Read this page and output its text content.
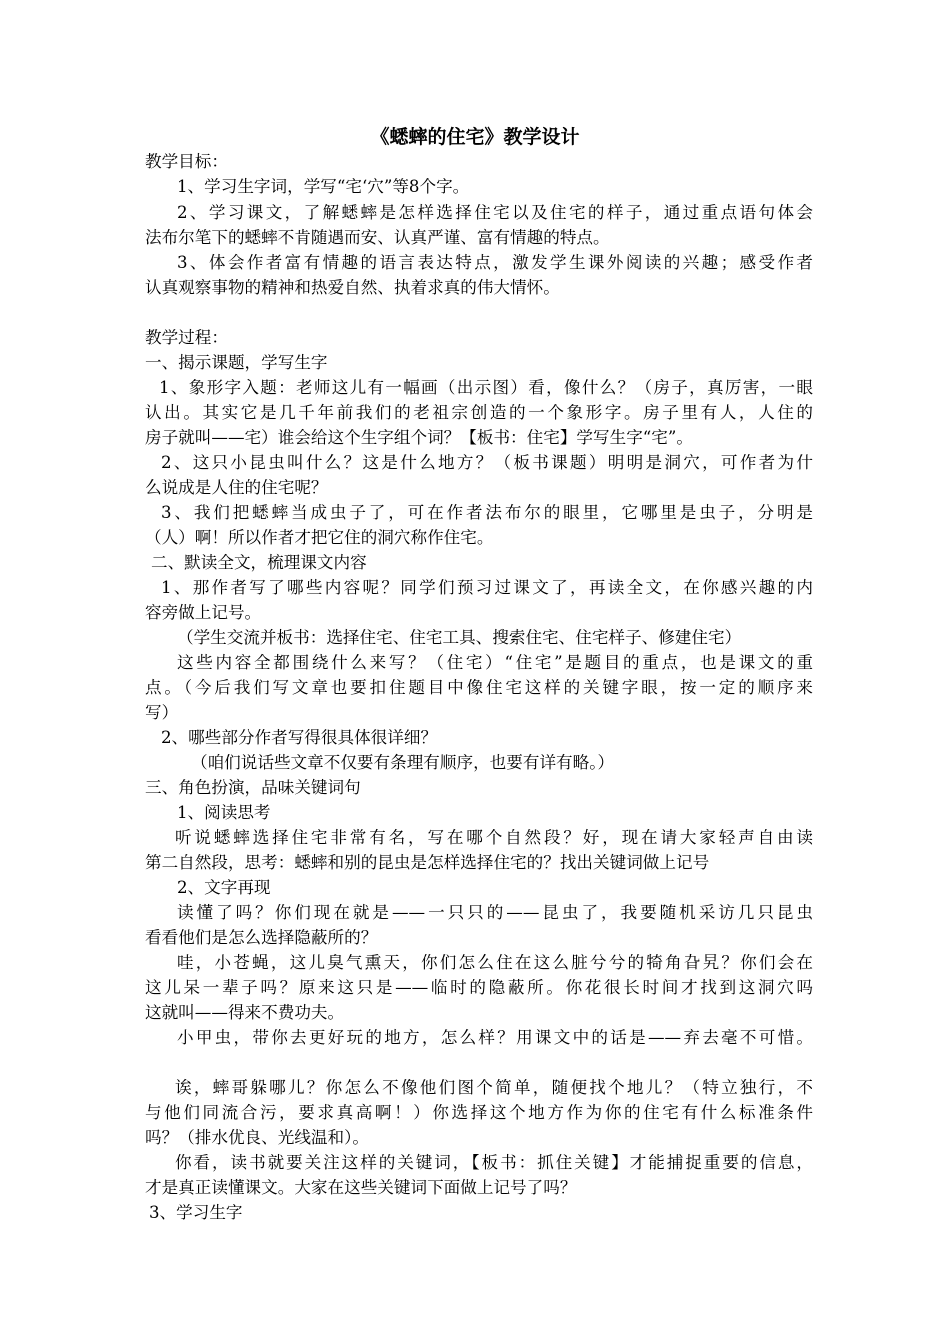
《蟋蟀的住宅》教学设计
教学目标：
1、学习生字词，学写“宅‘穴”等8个字。
2、学习课文，了解蟋蟀是怎样选择住宅以及住宅的样子，通过重点语句体会
法布尔笔下的蟋蟀不肯随遇而安、认真严谨、富有情趣的特点。
3、体会作者富有情趣的语言表达特点，激发学生课外阅读的兴趣；感受作者
认真观察事物的精神和热爱自然、执着求真的伟大情怀。
教学过程：
一、揭示课题，学写生字
1、象形字入题：老师这儿有一幅画（出示图）看，像什么？（房子，真厉害，一眼
认出。其实它是几千年前我们的老祖宗创造的一个象形字。房子里有人，人住的
房子就叫——宅）谁会给这个生字组个词？【板书：住宅】学写生字“宅”。
2、这只小昆虫叫什么？这是什么地方？（板书课题）明明是洞穴，可作者为什
么说成是人住的住宅呢？
3、我们把蟋蟀当成虫子了，可在作者法布尔的眼里，它哪里是虫子，分明是
（人）啊！所以作者才把它住的洞穴称作住宅。
二、默读全文，梳理课文内容
1、那作者写了哪些内容呢？同学们预习过课文了，再读全文，在你感兴趣的内
容旁做上记号。
（学生交流并板书：选择住宅、住宅工具、搜索住宅、住宅样子、修建住宅）
这些内容全都围绕什么来写？（住宅）“住宅”是题目的重点，也是课文的重
点。（今后我们写文章也要扣住题目中像住宅这样的关键字眼，按一定的顺序来
写）
2、哪些部分作者写得很具体很详细？
（咱们说话些文章不仅要有条理有顺序，也要有详有略。）
三、角色扮演，品味关键词句
1、阅读思考
听说蟋蟀选择住宅非常有名，写在哪个自然段？好，现在请大家轻声自由读
第二自然段，思考：蟋蟀和别的昆虫是怎样选择住宅的？找出关键词做上记号
2、文字再现
读懂了吗？你们现在就是——一只只的——昆虫了，我要随机采访几只昆虫
看看他们是怎么选择隐蔽所的？
哇，小苍蝇，这儿臭气熏天，你们怎么住在这么脏兮兮的犄角旮旯？你们会在
这儿呆一辈子吗？原来这只是——临时的隐蔽所。你花很长时间才找到这洞穴吗
这就叫——得来不费功夫。
小甲虫，带你去更好玩的地方，怎么样？用课文中的话是——弃去毫不可惜。
诶，蟀哥躲哪儿？你怎么不像他们图个简单，随便找个地儿？（特立独行，不
与他们同流合污，要求真高啊！）你选择这个地方作为你的住宅有什么标准条件
吗？（排水优良、光线温和）。
你看，读书就要关注这样的关键词，【板书：抓住关键】才能捕捉重要的信息，
才是真正读懂课文。大家在这些关键词下面做上记号了吗？
3、学习生字
